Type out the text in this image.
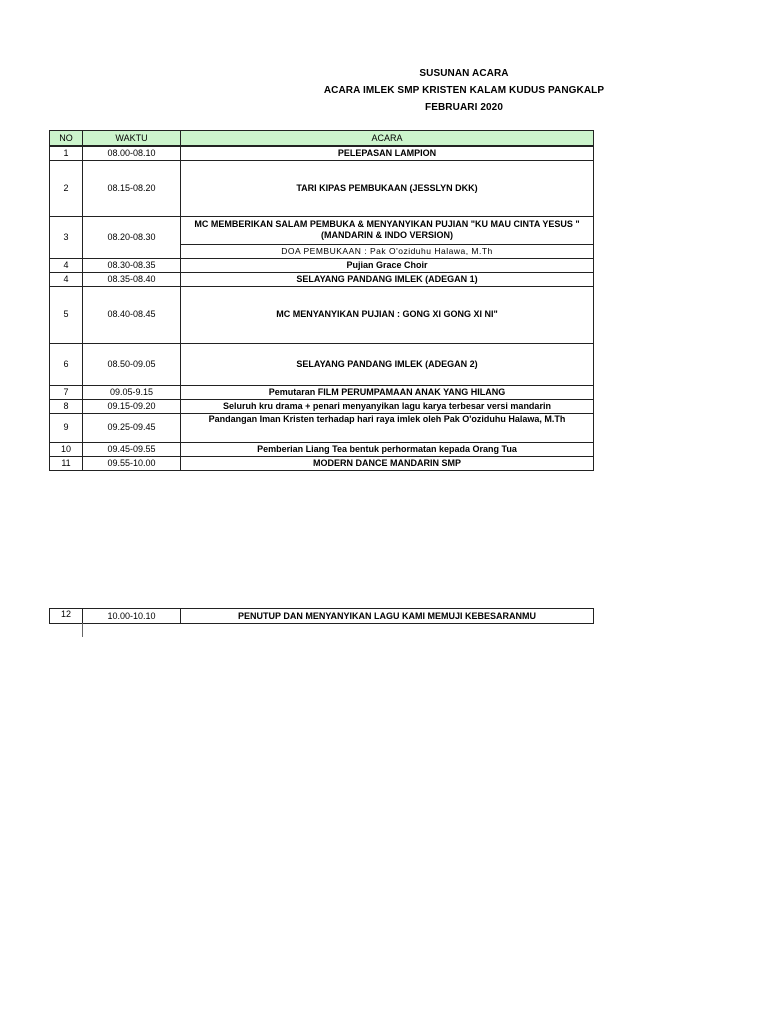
SUSUNAN ACARA
ACARA IMLEK SMP KRISTEN KALAM KUDUS PANGKALP
FEBRUARI 2020
NO	WAKTU	ACARA
1	08.00-08.10	PELEPASAN LAMPION
2	08.15-08.20	TARI KIPAS PEMBUKAAN (JESSLYN DKK)
3	08.20-08.30	MC MEMBERIKAN SALAM PEMBUKA & MENYANYIKAN PUJIAN "KU MAU CINTA YESUS " (MANDARIN & INDO VERSION)
		DOA PEMBUKAAN : Pak O'oziduhu Halawa, M.Th
4	08.30-08.35	Pujian Grace Choir
4	08.35-08.40	SELAYANG PANDANG IMLEK (ADEGAN 1)
5	08.40-08.45	MC MENYANYIKAN PUJIAN : GONG XI GONG XI NI"
6	08.50-09.05	SELAYANG PANDANG IMLEK (ADEGAN 2)
7	09.05-9.15	Pemutaran FILM PERUMPAMAAN ANAK YANG HILANG
8	09.15-09.20	Seluruh kru drama + penari menyanyikan lagu karya terbesar versi mandarin
9	09.25-09.45	Pandangan Iman Kristen terhadap hari raya imlek oleh Pak O'oziduhu Halawa, M.Th
10	09.45-09.55	Pemberian Liang Tea bentuk perhormatan kepada Orang Tua
11	09.55-10.00	MODERN DANCE MANDARIN SMP
12	10.00-10.10	PENUTUP DAN MENYANYIKAN LAGU KAMI MEMUJI KEBESARANMU
